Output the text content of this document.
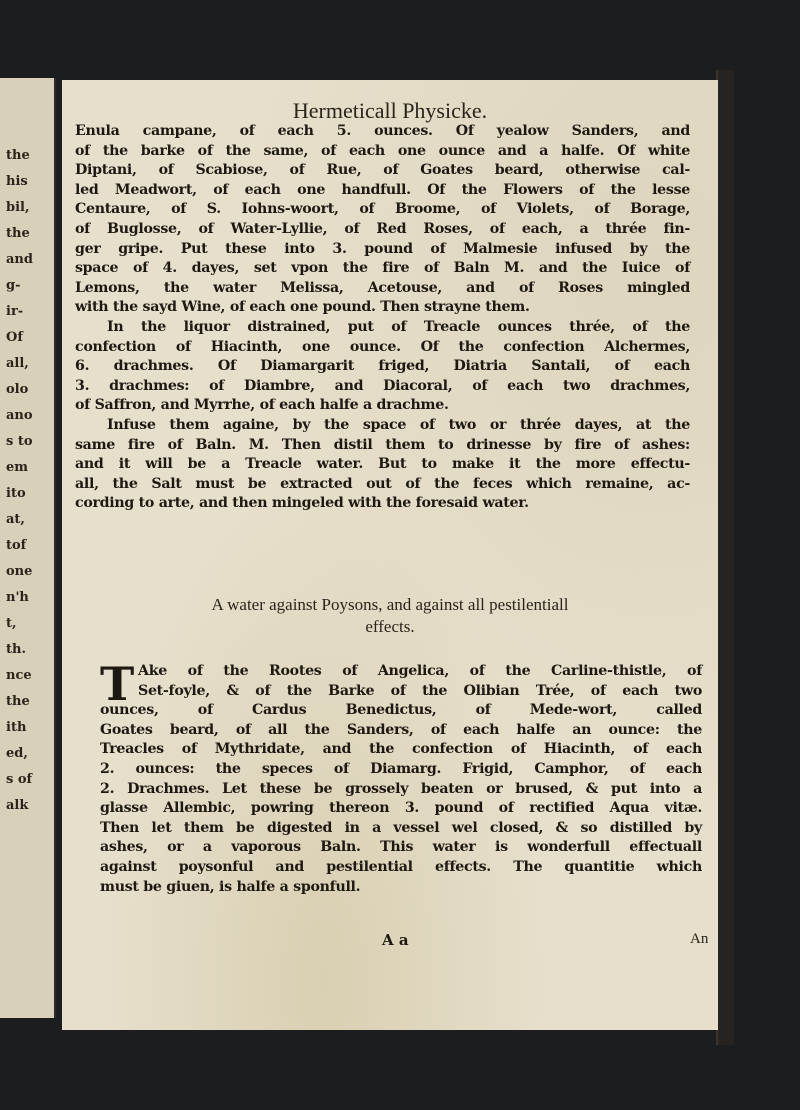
the
his
bil,
the
and
g-
ir-
Of
all,
olo
ano
s to
em
ito
at,
tof
one
n'h
t,
th.
nce
the
ith
ed,
s of
alk
Hermeticall Physicke.
Enula campane, of each 5. ounces. Of yealow Sanders, and
of the barke of the same, of each one ounce and a halfe. Of white
Diptani, of Scabiose, of Rue, of Goates beard, otherwise cal-
led Meadwort, of each one handfull. Of the Flowers of the lesse
Centaure, of S. Iohns-woort, of Broome, of Violets, of Borage,
of Buglosse, of Water-Lyllie, of Red Roses, of each, a thrée fin-
ger gripe. Put these into 3. pound of Malmesie infused by the
space of 4. dayes, set vpon the fire of Baln M. and the Iuice of
Lemons, the water Melissa, Acetouse, and of Roses mingled
with the sayd Wine, of each one pound. Then strayne them.
In the liquor distrained, put of Treacle ounces thrée, of the
confection of Hiacinth, one ounce. Of the confection Alchermes,
6. drachmes. Of Diamargarit friged, Diatria Santali, of each
3. drachmes: of Diambre, and Diacoral, of each two drachmes,
of Saffron, and Myrrhe, of each halfe a drachme.
Infuse them againe, by the space of two or thrée dayes, at the
same fire of Baln. M. Then distil them to drinesse by fire of ashes:
and it will be a Treacle water. But to make it the more effectu-
all, the Salt must be extracted out of the feces which remaine, ac-
cording to arte, and then mingeled with the foresaid water.
A water against Poysons, and against all pestilentiall
effects.
T Ake of the Rootes of Angelica, of the Carline-thistle, of
Set-foyle, & of the Barke of the Olibian Trée, of each two
ounces, of Cardus Benedictus, of Mede-wort, called
Goates beard, of all the Sanders, of each halfe an ounce: the
Treacles of Mythridate, and the confection of Hiacinth, of each
2. ounces: the speces of Diamarg. Frigid, Camphor, of each
2. Drachmes. Let these be grossely beaten or brused, & put into a
glasse Allembic, powring thereon 3. pound of rectified Aqua vitæ.
Then let them be digested in a vessel wel closed, & so distilled by
ashes, or a vaporous Baln. This water is wonderfull effectuall
against poysonful and pestilential effects. The quantitie which
must be giuen, is halfe a sponfull.
A a	An
